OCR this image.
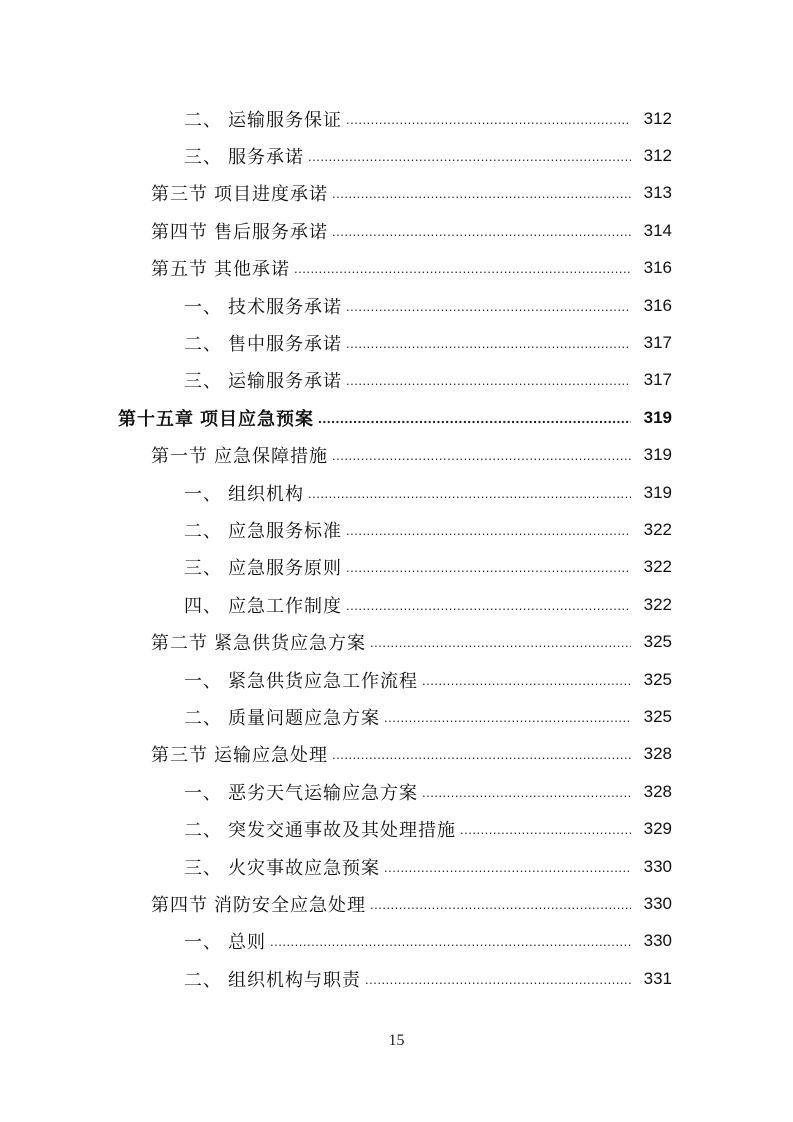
二、 运输服务保证 .....	312
三、 服务承诺 .....	312
第三节 项目进度承诺 .....	313
第四节 售后服务承诺 .....	314
第五节 其他承诺 .....	316
一、 技术服务承诺 .....	316
二、 售中服务承诺 .....	317
三、 运输服务承诺 .....	317
第十五章 项目应急预案 .....	319
第一节 应急保障措施 .....	319
一、 组织机构 .....	319
二、 应急服务标准 .....	322
三、 应急服务原则 .....	322
四、 应急工作制度 .....	322
第二节 紧急供货应急方案 .....	325
一、 紧急供货应急工作流程 .....	325
二、 质量问题应急方案 .....	325
第三节 运输应急处理 .....	328
一、 恶劣天气运输应急方案 .....	328
二、 突发交通事故及其处理措施 .....	329
三、 火灾事故应急预案 .....	330
第四节 消防安全应急处理 .....	330
一、 总则 .....	330
二、 组织机构与职责 .....	331
15
